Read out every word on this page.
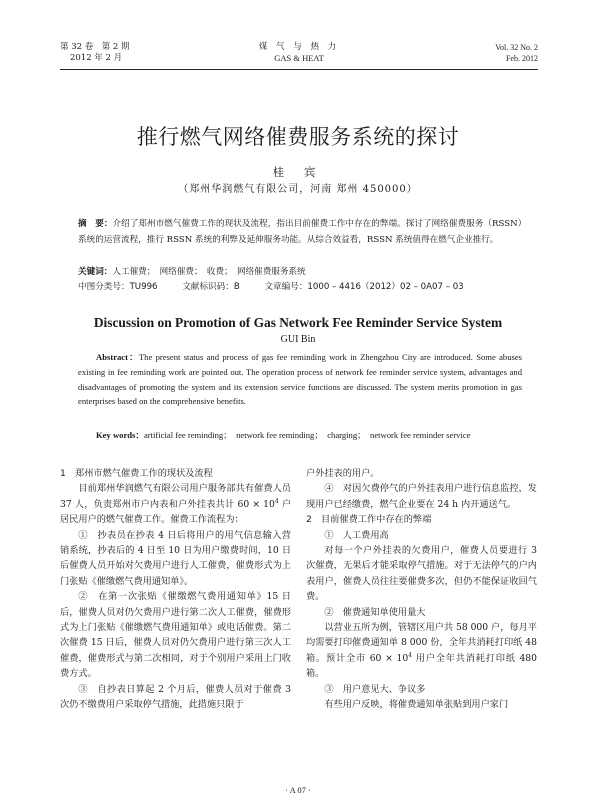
第 32 卷　第 2 期
2012 年 2 月
煤 气 与 热 力
GAS & HEAT
Vol. 32 No. 2
Feb. 2012
推行燃气网络催费服务系统的探讨
桂 宾
（郑州华润燃气有限公司，河南 郑州 450000）
摘　要：介绍了郑州市燃气催费工作的现状及流程，指出目前催费工作中存在的弊端。探讨了网络催费服务（RSSN）系统的运营流程，推行 RSSN 系统的利弊及延伸服务功能。从综合效益看，RSSN 系统值得在燃气企业推行。
关键词：人工催费；　网络催费；　收费；　网络催费服务系统
中图分类号：TU996	文献标识码：B	文章编号：1000 – 4416（2012）02 – 0A07 – 03
Discussion on Promotion of Gas Network Fee Reminder Service System
GUI Bin
Abstract：The present status and process of gas fee reminding work in Zhengzhou City are introduced. Some abuses existing in fee reminding work are pointed out. The operation process of network fee reminder service system, advantages and disadvantages of promoting the system and its extension service functions are discussed. The system merits promotion in gas enterprises based on the comprehensive benefits.
Key words：artificial fee reminding；　network fee reminding；　charging；　network fee reminder service

1　郑州市燃气催费工作的现状及流程

目前郑州华润燃气有限公司用户服务部共有催费人员 37 人，负责郑州市户内表和户外挂表共计 $60 \times 10^4$ 户居民用户的燃气催费工作。催费工作流程为：

①　抄表员在抄表 4 日后将用户的用气信息输入营销系统，抄表后的 4 日至 10 日为用户缴费时间，10 日后催费人员开始对欠费用户进行人工催费，催费形式为上门张贴《催缴燃气费用通知单》。

②　在第一次张贴《催缴燃气费用通知单》15 日后，催费人员对仍欠费用户进行第二次人工催费，催费形式为上门张贴《催缴燃气费用通知单》或电话催费。第二次催费 15 日后，催费人员对仍欠费用户进行第三次人工催费，催费形式与第二次相同，对于个别用户采用上门收费方式。

③　自抄表日算起 2 个月后，催费人员对于催费 3 次仍不缴费用户采取停气措施，此措施只限于

户外挂表的用户。

④　对因欠费停气的户外挂表用户进行信息监控，发现用户已经缴费，燃气企业要在 24 h 内开通送气。

2　目前催费工作中存在的弊端

①　人工费用高

对每一个户外挂表的欠费用户，催费人员要进行 3 次催费，无果后才能采取停气措施。对于无法停气的户内表用户，催费人员往往要催费多次，但仍不能保证收回气费。

②　催费通知单使用量大

以营业五所为例，管辖区用户共 58 000 户，每月平均需要打印催费通知单 8 000 份，全年共消耗打印纸 48 箱。预计全市 $60 \times 10^4$ 用户全年共消耗打印纸 480 箱。

③　用户意见大、争议多

有些用户反映，将催费通知单张贴到用户家门

· A 07 ·
